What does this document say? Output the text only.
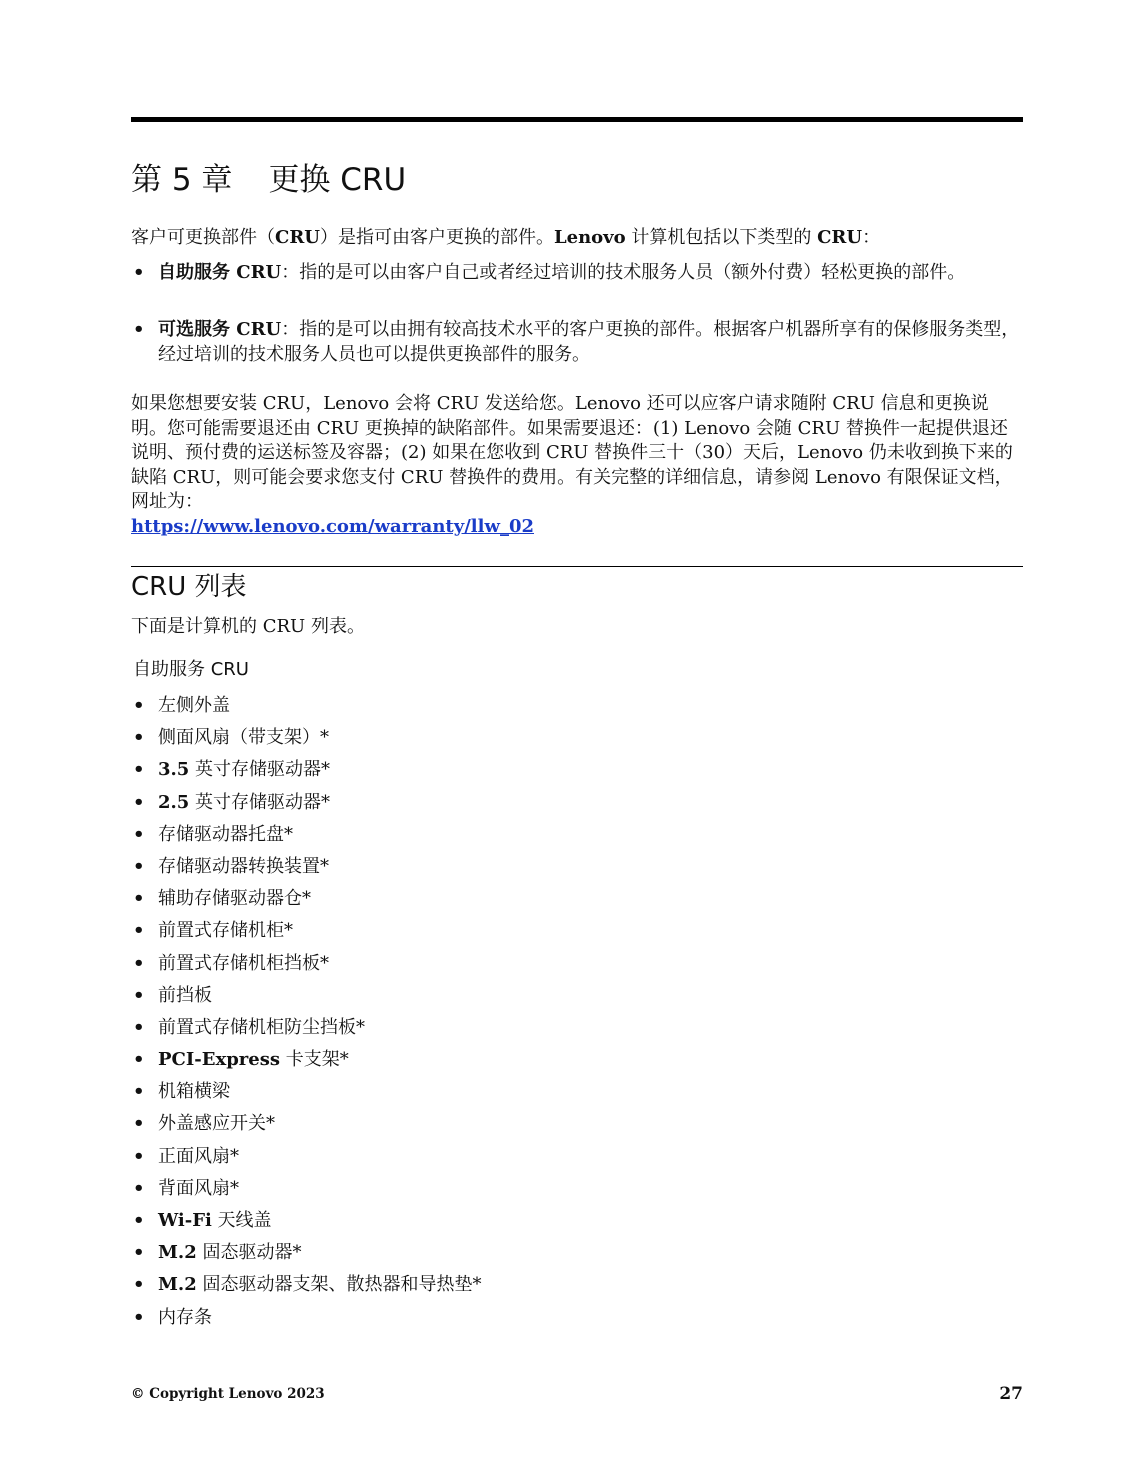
第 5 章 更换 CRU

客户可更换部件（CRU）是指可由客户更换的部件。Lenovo 计算机包括以下类型的 CRU：

• 自助服务 CRU：指的是可以由客户自己或者经过培训的技术服务人员（额外付费）轻松更换的部件。
• 可选服务 CRU：指的是可以由拥有较高技术水平的客户更换的部件。根据客户机器所享有的保修服务类型，经过培训的技术服务人员也可以提供更换部件的服务。

如果您想要安装 CRU，Lenovo 会将 CRU 发送给您。Lenovo 还可以应客户请求随附 CRU 信息和更换说明。您可能需要退还由 CRU 更换掉的缺陷部件。如果需要退还：(1) Lenovo 会随 CRU 替换件一起提供退还说明、预付费的运送标签及容器；(2) 如果在您收到 CRU 替换件三十（30）天后，Lenovo 仍未收到换下来的缺陷 CRU，则可能会要求您支付 CRU 替换件的费用。有关完整的详细信息，请参阅 Lenovo 有限保证文档，网址为：
https://www.lenovo.com/warranty/llw_02

CRU 列表

下面是计算机的 CRU 列表。

自助服务 CRU
• 左侧外盖
• 侧面风扇（带支架）*
• 3.5 英寸存储驱动器*
• 2.5 英寸存储驱动器*
• 存储驱动器托盘*
• 存储驱动器转换装置*
• 辅助存储驱动器仓*
• 前置式存储机柜*
• 前置式存储机柜挡板*
• 前挡板
• 前置式存储机柜防尘挡板*
• PCI-Express 卡支架*
• 机箱横梁
• 外盖感应开关*
• 正面风扇*
• 背面风扇*
• Wi-Fi 天线盖
• M.2 固态驱动器*
• M.2 固态驱动器支架、散热器和导热垫*
• 内存条
© Copyright Lenovo 2023	27
